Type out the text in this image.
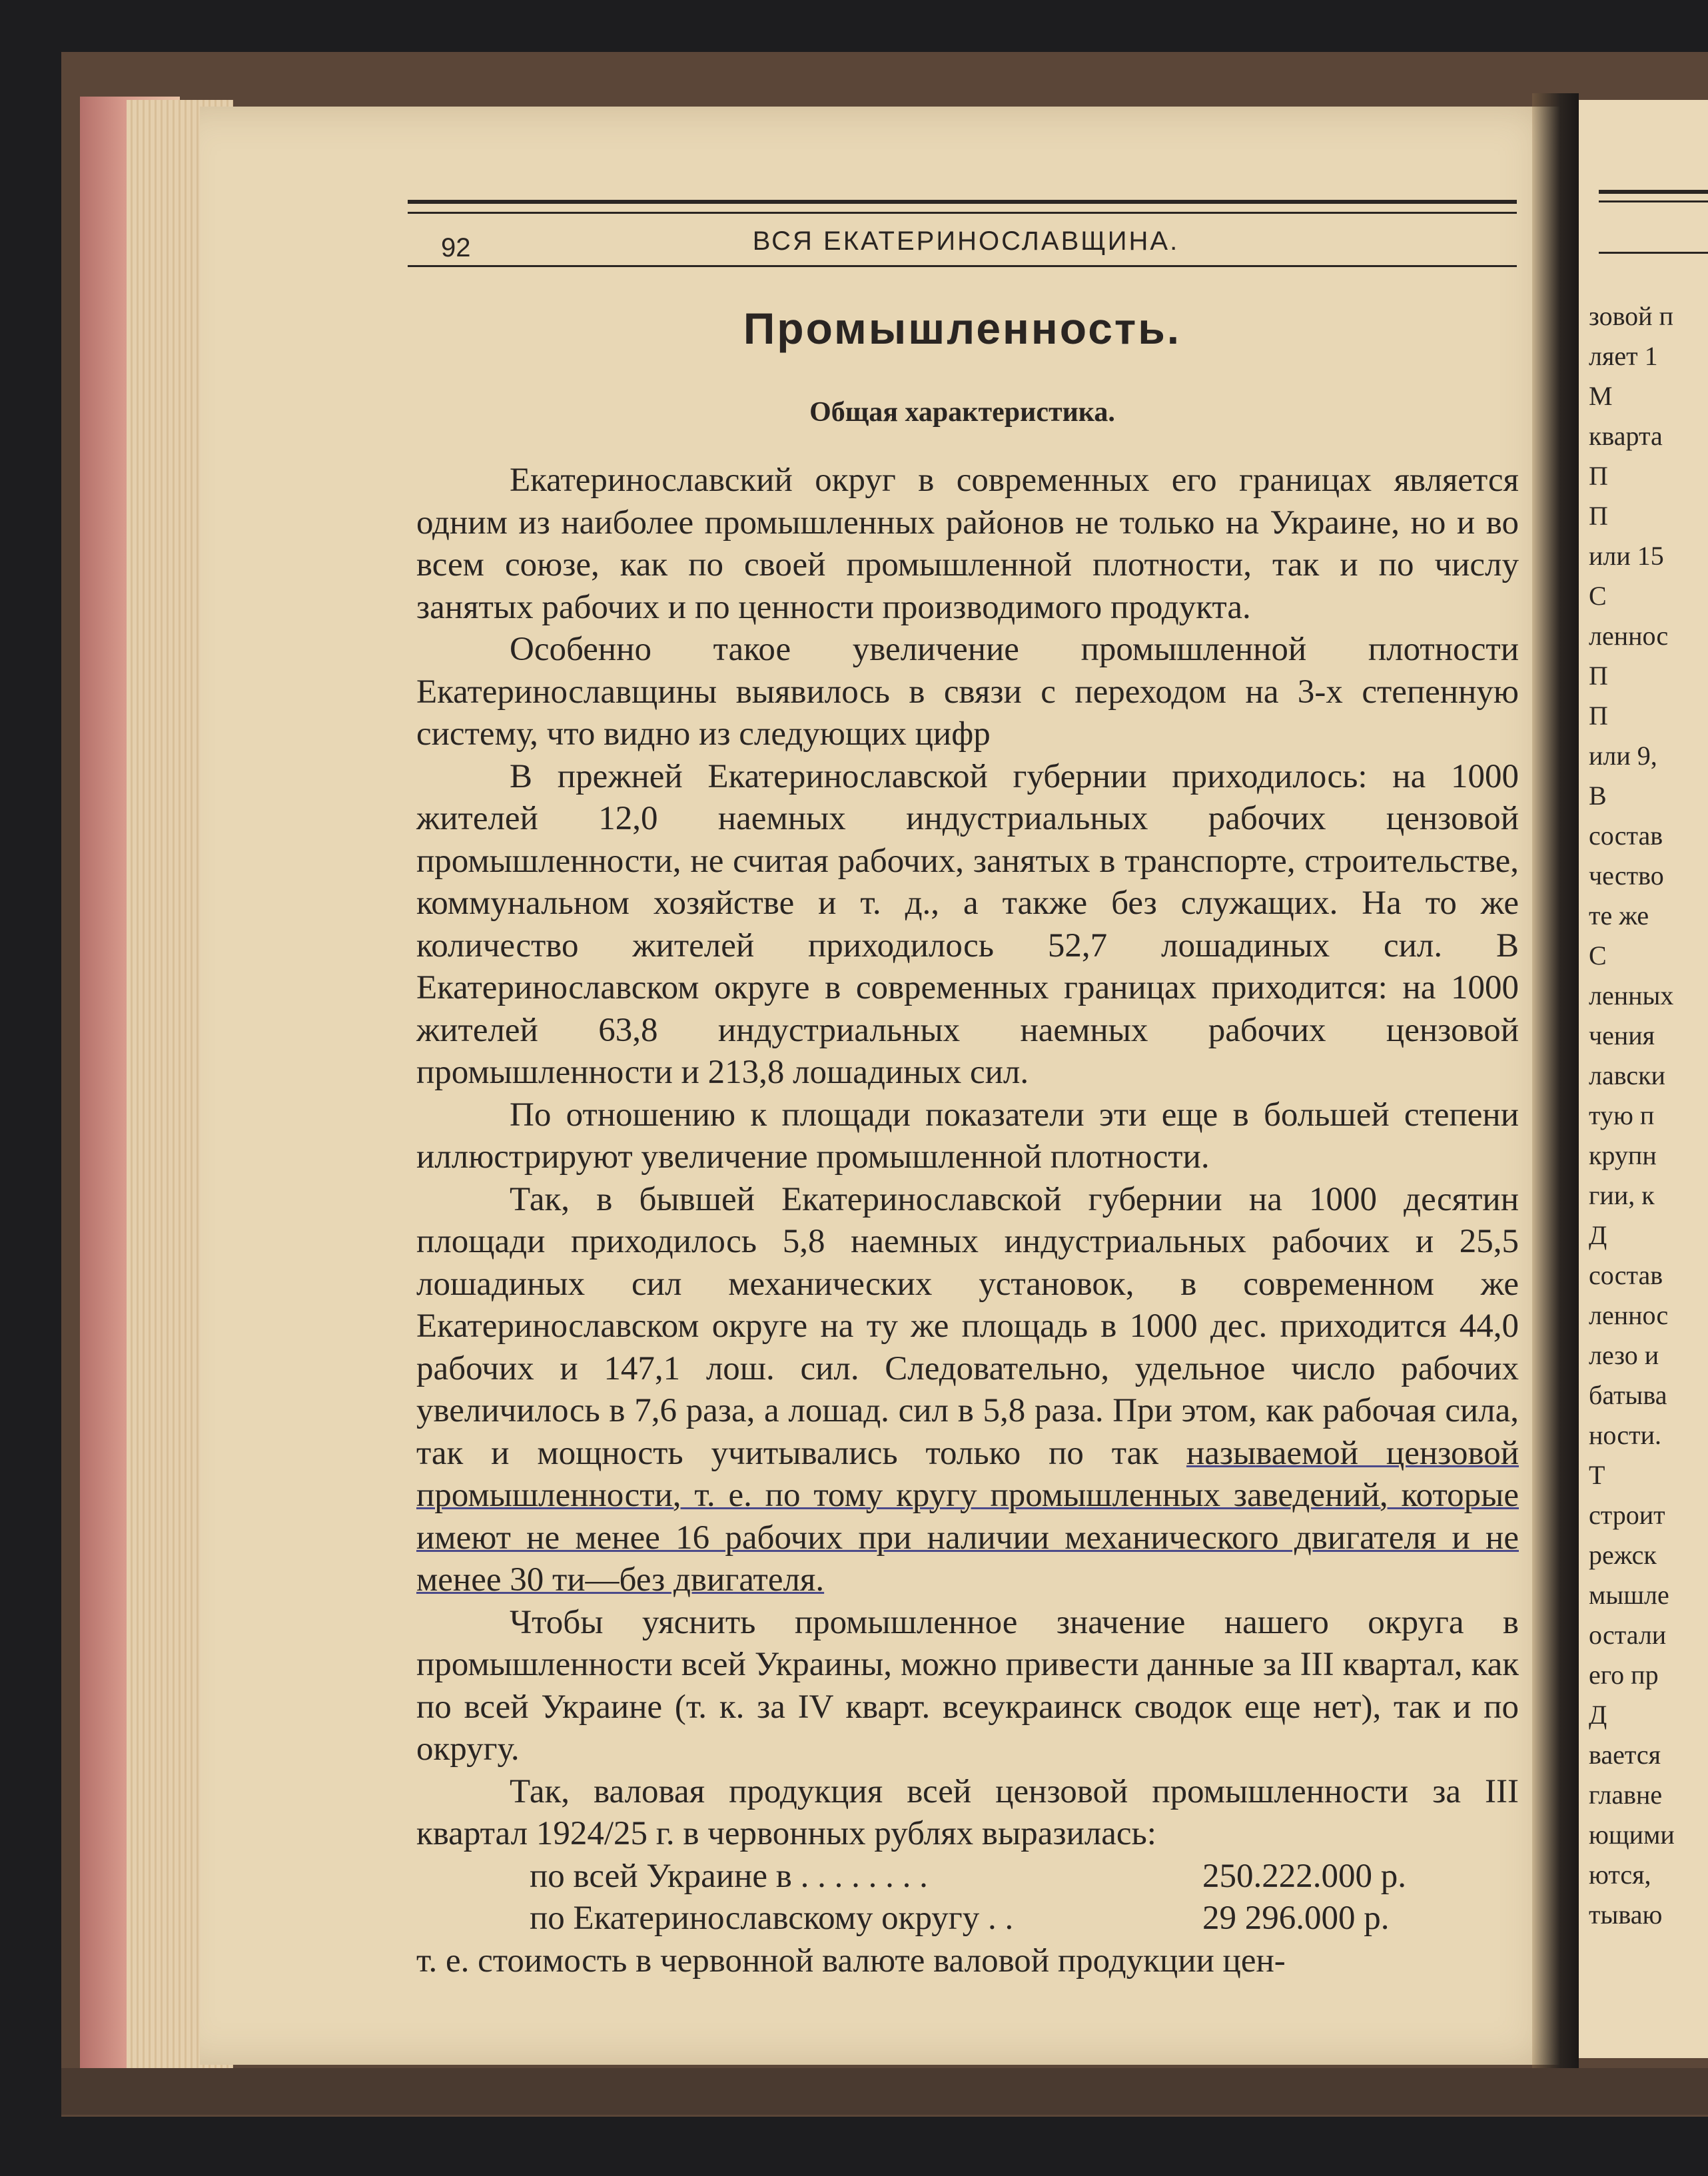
92	ВСЯ ЕКАТЕРИНОСЛАВЩИНА.
Промышленность.
Общая характеристика.

Екатеринославский округ в современных его границах является одним из наиболее промышленных районов не только на Украине, но и во всем союзе, как по своей промышленной плотности, так и по числу занятых рабочих и по ценности производимого продукта.

Особенно такое увеличение промышленной плотности Екатеринославщины выявилось в связи с переходом на 3-х степенную систему, что видно из следующих цифр

В прежней Екатеринославской губернии приходилось: на 1000 жителей 12,0 наемных индустриальных рабочих цензовой промышленности, не считая рабочих, занятых в транспорте, строительстве, коммунальном хозяйстве и т. д., а также без служащих. На то же количество жителей приходилось 52,7 лошадиных сил. В Екатеринославском округе в современных границах приходится: на 1000 жителей 63,8 индустриальных наемных рабочих цензовой промышленности и 213,8 лошадиных сил.

По отношению к площади показатели эти еще в большей степени иллюстрируют увеличение промышленной плотности.

Так, в бывшей Екатеринославской губернии на 1000 десятин площади приходилось 5,8 наемных индустриальных рабочих и 25,5 лошадиных сил механических установок, в современном же Екатеринославском округе на ту же площадь в 1000 дес. приходится 44,0 рабочих и 147,1 лош. сил. Следовательно, удельное число рабочих увеличилось в 7,6 раза, а лошад. сил в 5,8 раза. При этом, как рабочая сила, так и мощность учитывались только по так называемой цензовой промышленности, т. е. по тому кругу промышленных заведений, которые имеют не менее 16 рабочих при наличии механического двигателя и не менее 30 ти—без двигателя.

Чтобы уяснить промышленное значение нашего округа в промышленности всей Украины, можно привести данные за III квартал, как по всей Украине (т. к. за IV кварт. всеукраинск сводок еще нет), так и по округу.

Так, валовая продукция всей цензовой промышленности за III квартал 1924/25 г. в червонных рублях выразилась:

по всей Украине в . . . . . . . .	250.222.000 р.
по Екатеринославскому округу . .	29 296.000 р.
т. е. стоимость в червонной валюте валовой продукции цен-
зовой п
ляет 1
М
кварта
П
П
или 15
С
леннос
П
П
или 9,
В
состав
чество
те же
С
ленных
чения
лавски
тую п
крупн
гии, к
Д
состав
леннос
лезо и
батыва
ности.
Т
строит
режск
мышле
остали
его пр
Д
вается
главне
ющими
ются,
тываю
